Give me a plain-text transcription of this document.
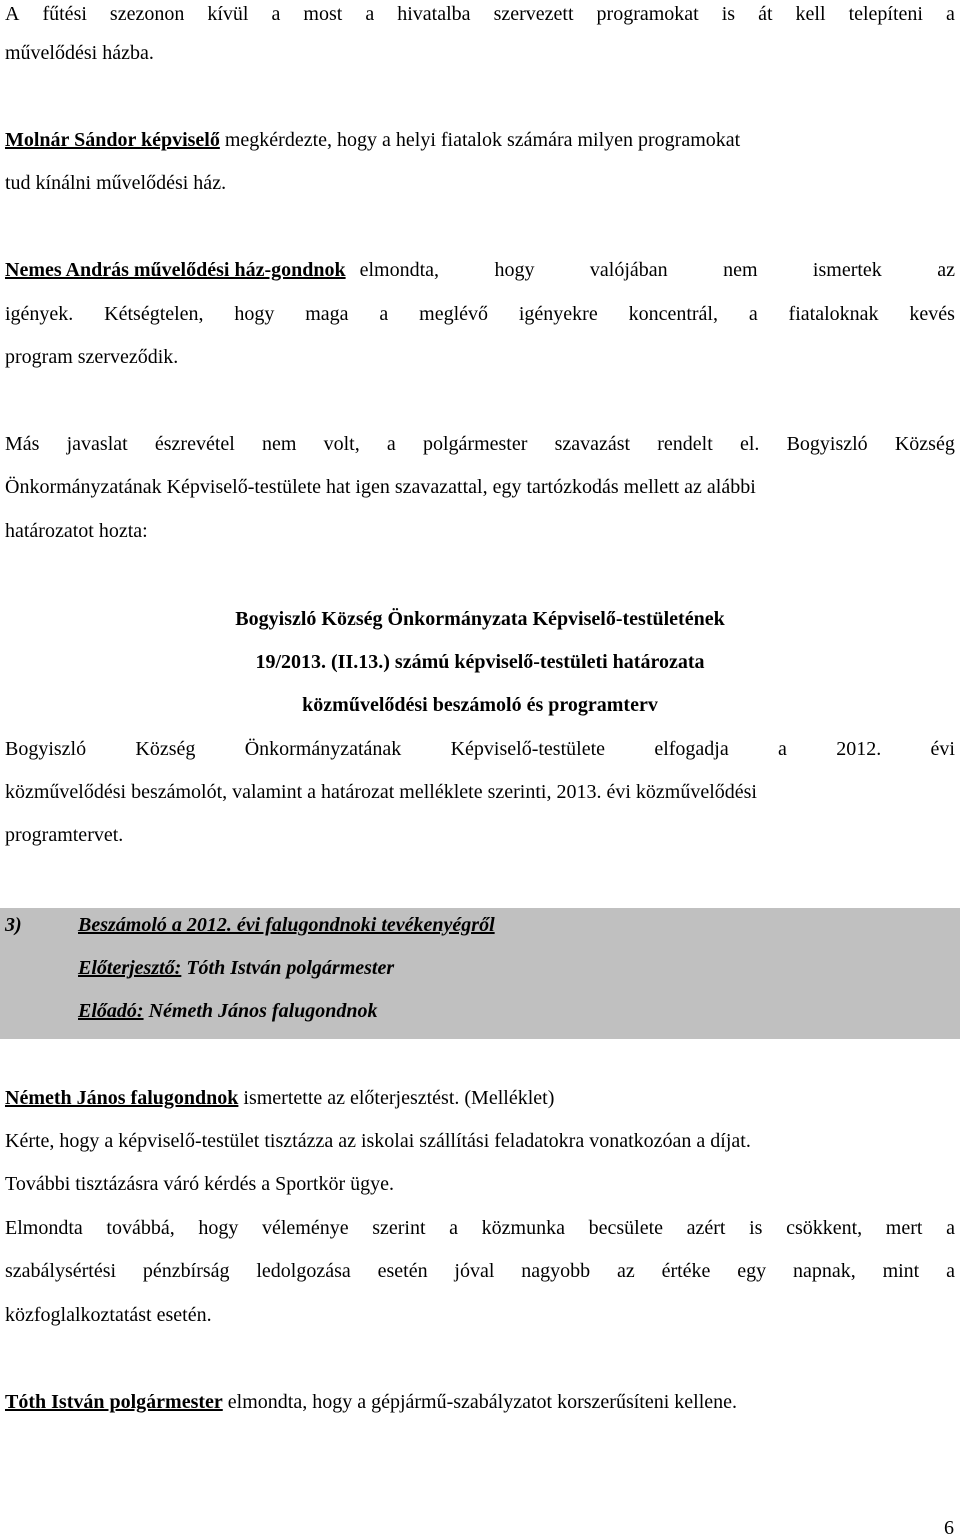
A fűtési szezonon kívül a most a hivatalba szervezett programokat is át kell telepíteni a
művelődési házba.
Molnár Sándor képviselő megkérdezte, hogy a helyi fiatalok számára milyen programokat
tud kínálni művelődési ház.
Nemes András művelődési ház-gondnok elmondta,	hogy	valójában	nem	ismertek	az
igények. Kétségtelen, hogy maga a meglévő igényekre koncentrál, a fiataloknak kevés
program szerveződik.
Más javaslat észrevétel nem volt, a polgármester szavazást rendelt el. Bogyiszló Község
Önkormányzatának Képviselő-testülete hat igen szavazattal, egy tartózkodás mellett az alábbi
határozatot hozta:
Bogyiszló Község Önkormányzata Képviselő-testületének
19/2013. (II.13.) számú képviselő-testületi határozata
közművelődési beszámoló és programterv
Bogyiszló Község Önkormányzatának Képviselő-testülete elfogadja a 2012. évi
közművelődési beszámolót, valamint a határozat melléklete szerinti, 2013. évi közművelődési
programtervet.
3)	Beszámoló a 2012. évi falugondnoki tevékenyégről
Előterjesztő: Tóth István polgármester
Előadó: Németh János falugondnok
Németh János falugondnok ismertette az előterjesztést. (Melléklet)
Kérte, hogy a képviselő-testület tisztázza az iskolai szállítási feladatokra vonatkozóan a díjat.
További tisztázásra váró kérdés a Sportkör ügye.
Elmondta továbbá, hogy véleménye szerint a közmunka becsülete azért is csökkent, mert a
szabálysértési pénzbírság ledolgozása esetén jóval nagyobb az értéke egy napnak, mint a
közfoglalkoztatást esetén.
Tóth István polgármester elmondta, hogy a gépjármű-szabályzatot korszerűsíteni kellene.
6
